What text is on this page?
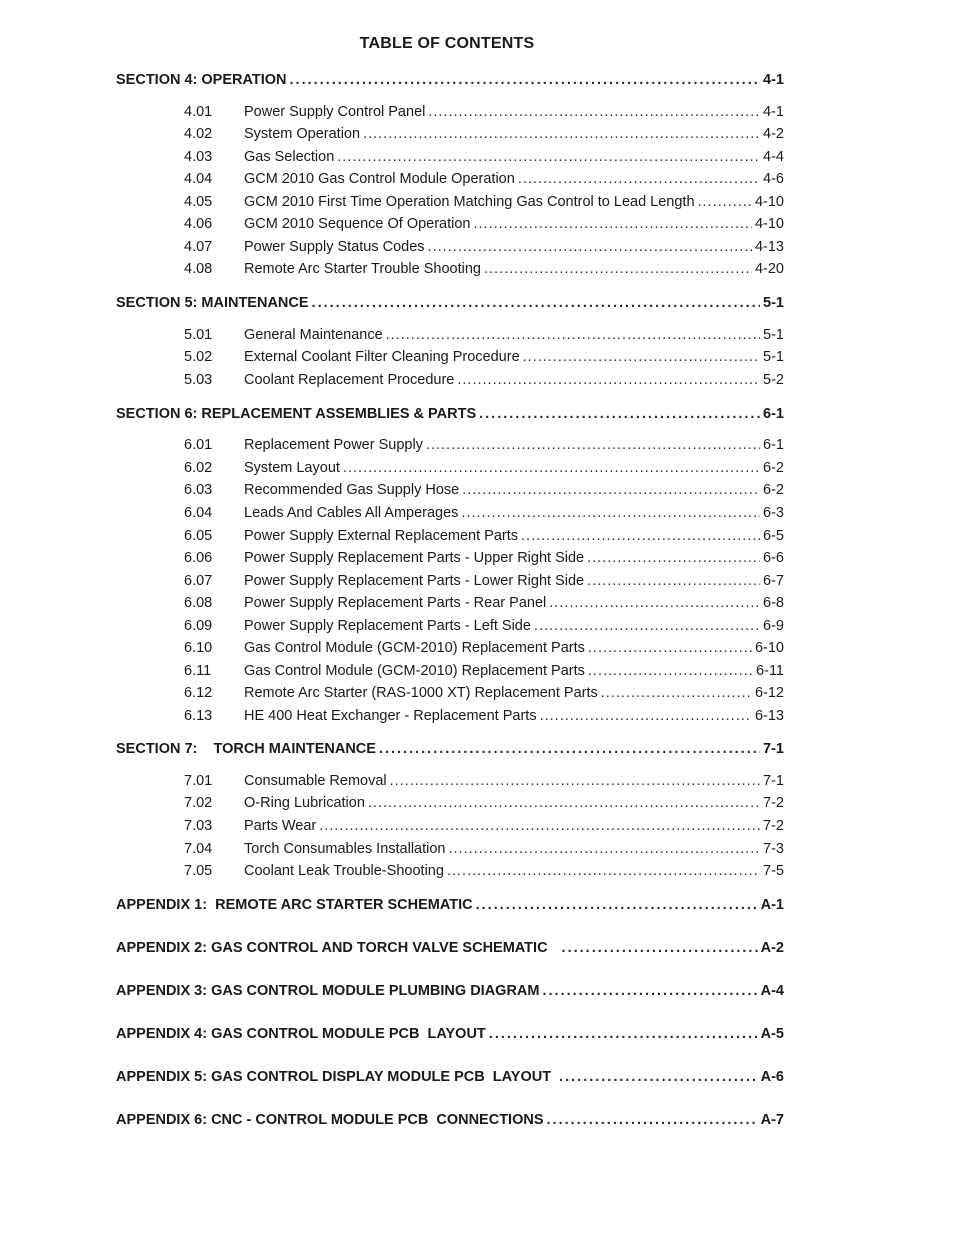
TABLE OF CONTENTS
SECTION 4: OPERATION .....	4-1
4.01	Power Supply Control Panel .....	4-1
4.02	System Operation .....	4-2
4.03	Gas Selection .....	4-4
4.04	GCM 2010 Gas Control Module Operation .....	4-6
4.05	GCM 2010 First Time Operation Matching Gas Control to Lead Length .....	4-10
4.06	GCM 2010 Sequence Of Operation .....	4-10
4.07	Power Supply Status Codes .....	4-13
4.08	Remote Arc Starter Trouble Shooting .....	4-20
SECTION 5: MAINTENANCE .....	5-1
5.01	General Maintenance .....	5-1
5.02	External Coolant Filter Cleaning Procedure .....	5-1
5.03	Coolant Replacement Procedure .....	5-2
SECTION 6: REPLACEMENT ASSEMBLIES & PARTS .....	6-1
6.01	Replacement Power Supply .....	6-1
6.02	System Layout .....	6-2
6.03	Recommended Gas Supply Hose .....	6-2
6.04	Leads And Cables All Amperages .....	6-3
6.05	Power Supply External Replacement Parts .....	6-5
6.06	Power Supply Replacement Parts - Upper Right Side .....	6-6
6.07	Power Supply Replacement Parts - Lower Right Side .....	6-7
6.08	Power Supply Replacement Parts - Rear Panel .....	6-8
6.09	Power Supply Replacement Parts - Left Side .....	6-9
6.10	Gas Control Module (GCM-2010) Replacement Parts .....	6-10
6.11	Gas Control Module (GCM-2010) Replacement Parts .....	6-11
6.12	Remote Arc Starter (RAS-1000 XT) Replacement Parts .....	6-12
6.13	HE 400 Heat Exchanger - Replacement Parts .....	6-13
SECTION 7:    TORCH MAINTENANCE .....	7-1
7.01	Consumable Removal .....	7-1
7.02	O-Ring Lubrication .....	7-2
7.03	Parts Wear .....	7-2
7.04	Torch Consumables Installation .....	7-3
7.05	Coolant Leak Trouble-Shooting .....	7-5
APPENDIX 1:  REMOTE ARC STARTER SCHEMATIC .....	A-1
APPENDIX 2: GAS CONTROL AND TORCH VALVE SCHEMATIC .....	A-2
APPENDIX 3: GAS CONTROL MODULE PLUMBING DIAGRAM .....	A-4
APPENDIX 4: GAS CONTROL MODULE PCB  LAYOUT .....	A-5
APPENDIX 5: GAS CONTROL DISPLAY MODULE PCB  LAYOUT .....	A-6
APPENDIX 6: CNC - CONTROL MODULE PCB  CONNECTIONS .....	A-7
